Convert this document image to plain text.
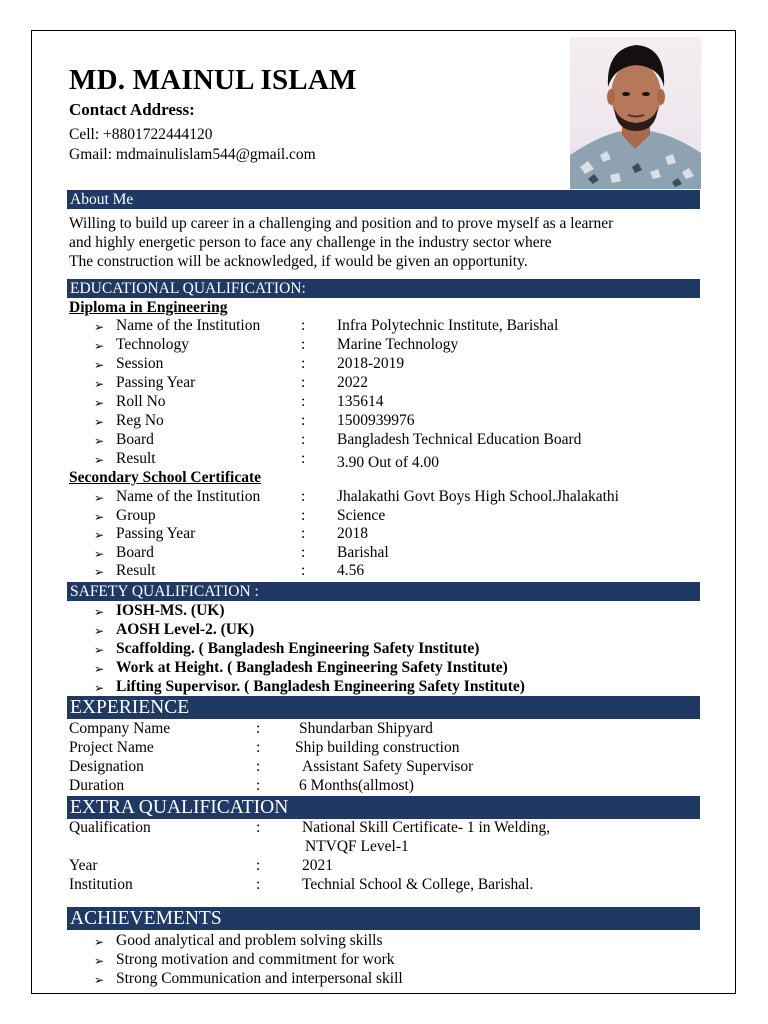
MD. MAINUL ISLAM
Contact Address:
Cell: +8801722444120
Gmail: mdmainulislam544@gmail.com
About Me
Willing to build up career in a challenging and position and to prove myself as a learner
and highly energetic person to face any challenge in the industry sector where
The construction will be acknowledged, if would be given an opportunity.
EDUCATIONAL QUALIFICATION:
Diploma in Engineering
➢ Name of the Institution	: Infra Polytechnic Institute, Barishal
➢ Technology	: Marine Technology
➢ Session	: 2018-2019
➢ Passing Year	: 2022
➢ Roll No	: 135614
➢ Reg No	: 1500939976
➢ Board	: Bangladesh Technical Education Board
➢ Result	: 3.90 Out of 4.00
Secondary School Certificate
➢ Name of the Institution	: Jhalakathi Govt Boys High School.Jhalakathi
➢ Group	: Science
➢ Passing Year	: 2018
➢ Board	: Barishal
➢ Result	: 4.56
SAFETY QUALIFICATION :
➢ IOSH-MS. (UK)
➢ AOSH Level-2. (UK)
➢ Scaffolding. ( Bangladesh Engineering Safety Institute)
➢ Work at Height. ( Bangladesh Engineering Safety Institute)
➢ Lifting Supervisor. ( Bangladesh Engineering Safety Institute)
EXPERIENCE
Company Name	: Shundarban Shipyard
Project Name	: Ship building construction
Designation	:	Assistant Safety Supervisor
Duration	: 6 Months(allmost)
EXTRA QUALIFICATION
Qualification	:	National Skill Certificate- 1 in Welding,
NTVQF Level-1
Year	:	2021
Institution	:	Technial School & College, Barishal.
ACHIEVEMENTS
➢ Good analytical and problem solving skills
➢ Strong motivation and commitment for work
➢ Strong Communication and interpersonal skill
